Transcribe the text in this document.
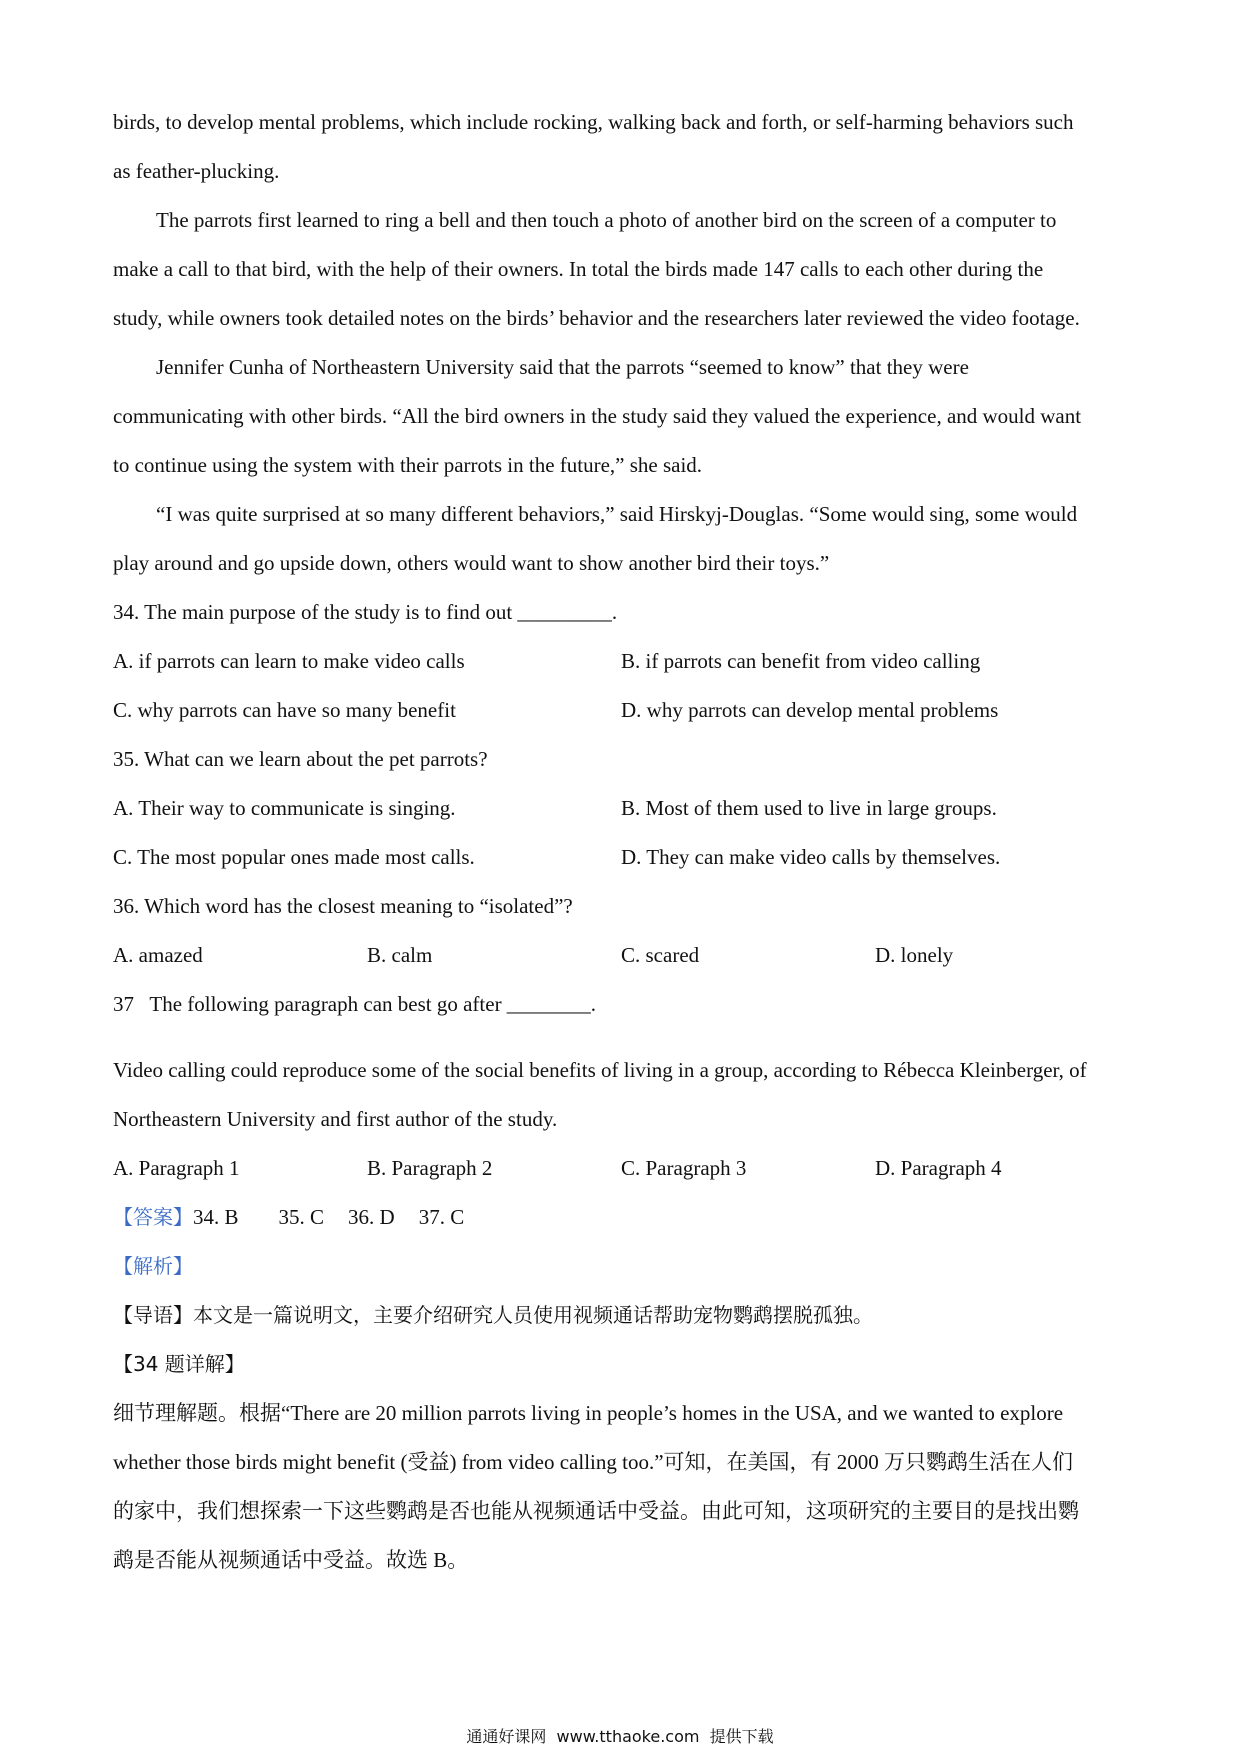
birds, to develop mental problems, which include rocking, walking back and forth, or self-harming behaviors such
as feather-plucking.
The parrots first learned to ring a bell and then touch a photo of another bird on the screen of a computer to
make a call to that bird, with the help of their owners. In total the birds made 147 calls to each other during the
study, while owners took detailed notes on the birds’ behavior and the researchers later reviewed the video footage.
Jennifer Cunha of Northeastern University said that the parrots “seemed to know” that they were
communicating with other birds. “All the bird owners in the study said they valued the experience, and would want
to continue using the system with their parrots in the future,” she said.
“I was quite surprised at so many different behaviors,” said Hirskyj-Douglas. “Some would sing, some would
play around and go upside down, others would want to show another bird their toys.”
34. The main purpose of the study is to find out _________.
A. if parrots can learn to make video calls	B. if parrots can benefit from video calling
C. why parrots can have so many benefit	D. why parrots can develop mental problems
35. What can we learn about the pet parrots?
A. Their way to communicate is singing.	B. Most of them used to live in large groups.
C. The most popular ones made most calls.	D. They can make video calls by themselves.
36. Which word has the closest meaning to “isolated”?
A. amazed	B. calm	C. scared	D. lonely
37   The following paragraph can best go after ________.
Video calling could reproduce some of the social benefits of living in a group, according to Rébecca Kleinberger, of
Northeastern University and first author of the study.
A. Paragraph 1	B. Paragraph 2	C. Paragraph 3	D. Paragraph 4
【答案】34. B 35. C 36. D 37. C
【解析】
【导语】本文是一篇说明文，主要介绍研究人员使用视频通话帮助宠物鹦鹉摆脱孤独。
【34 题详解】
细节理解题。根据“There are 20 million parrots living in people’s homes in the USA, and we wanted to explore
whether those birds might benefit (受益) from video calling too.”可知，在美国，有 2000 万只鹦鹉生活在人们
的家中，我们想探索一下这些鹦鹉是否也能从视频通话中受益。由此可知，这项研究的主要目的是找出鹦
鹉是否能从视频通话中受益。故选 B。
通通好课网  www.tthaoke.com  提供下载
